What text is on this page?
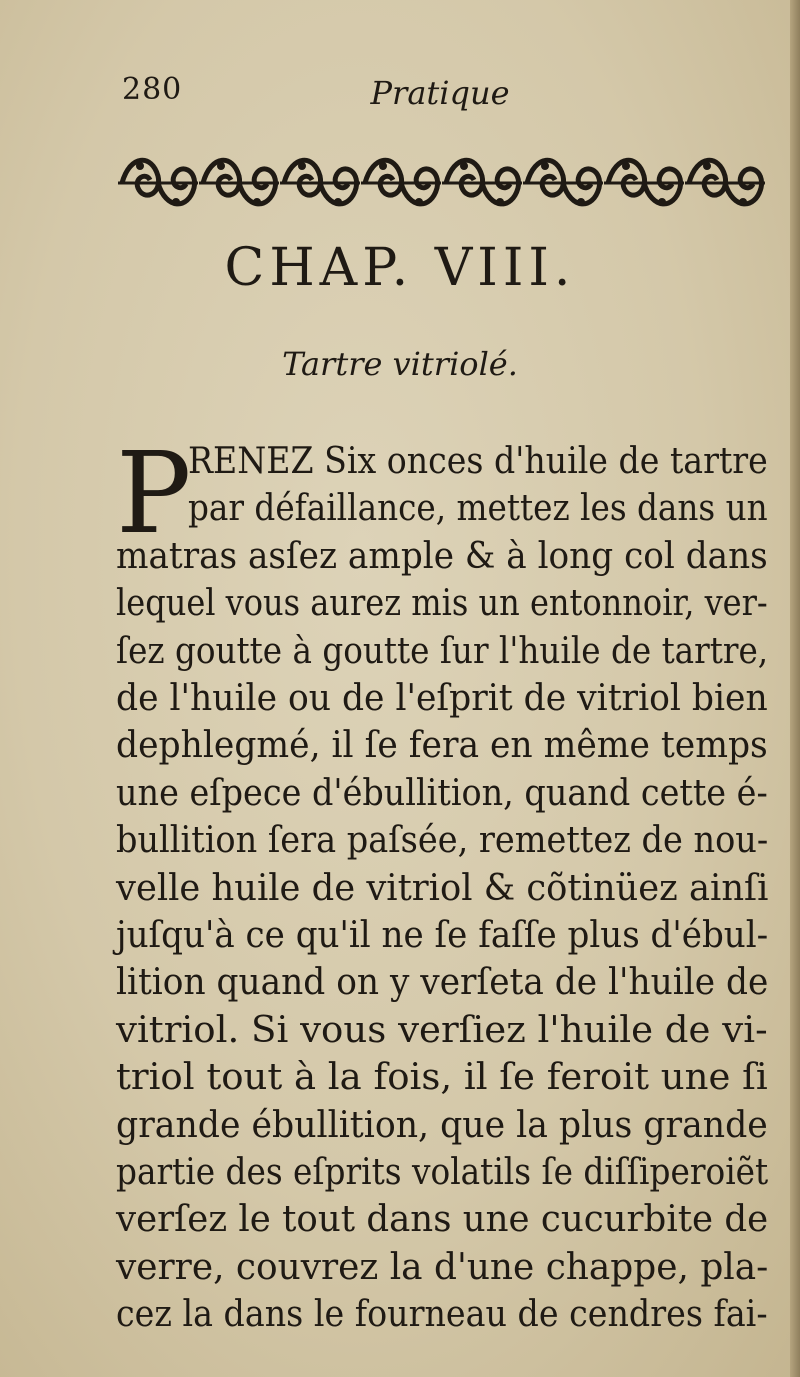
280	Pratique
CHAP. VIII.
Tartre vitriolé.
P
RENEZ Six onces d'huile de tartre
par défaillance, mettez les dans un
matras asſez ample & à long col dans
lequel vous aurez mis un entonnoir, ver-
ſez goutte à goutte ſur l'huile de tartre,
de l'huile ou de l'eſprit de vitriol bien
dephlegmé, il ſe fera en même temps
une eſpece d'ébullition, quand cette é-
bullition ſera paſsée, remettez de nou-
velle huile de vitriol & cõtinüez ainſi
juſqu'à ce qu'il ne ſe faſſe plus d'ébul-
lition quand on y verſeta de l'huile de
vitriol. Si vous verſiez l'huile de vi-
triol tout à la fois, il ſe feroit une ſi
grande ébullition, que la plus grande
partie des eſprits volatils ſe diſſiperoiẽt
verſez le tout dans une cucurbite de
verre, couvrez la d'une chappe, pla-
cez la dans le fourneau de cendres fai-
